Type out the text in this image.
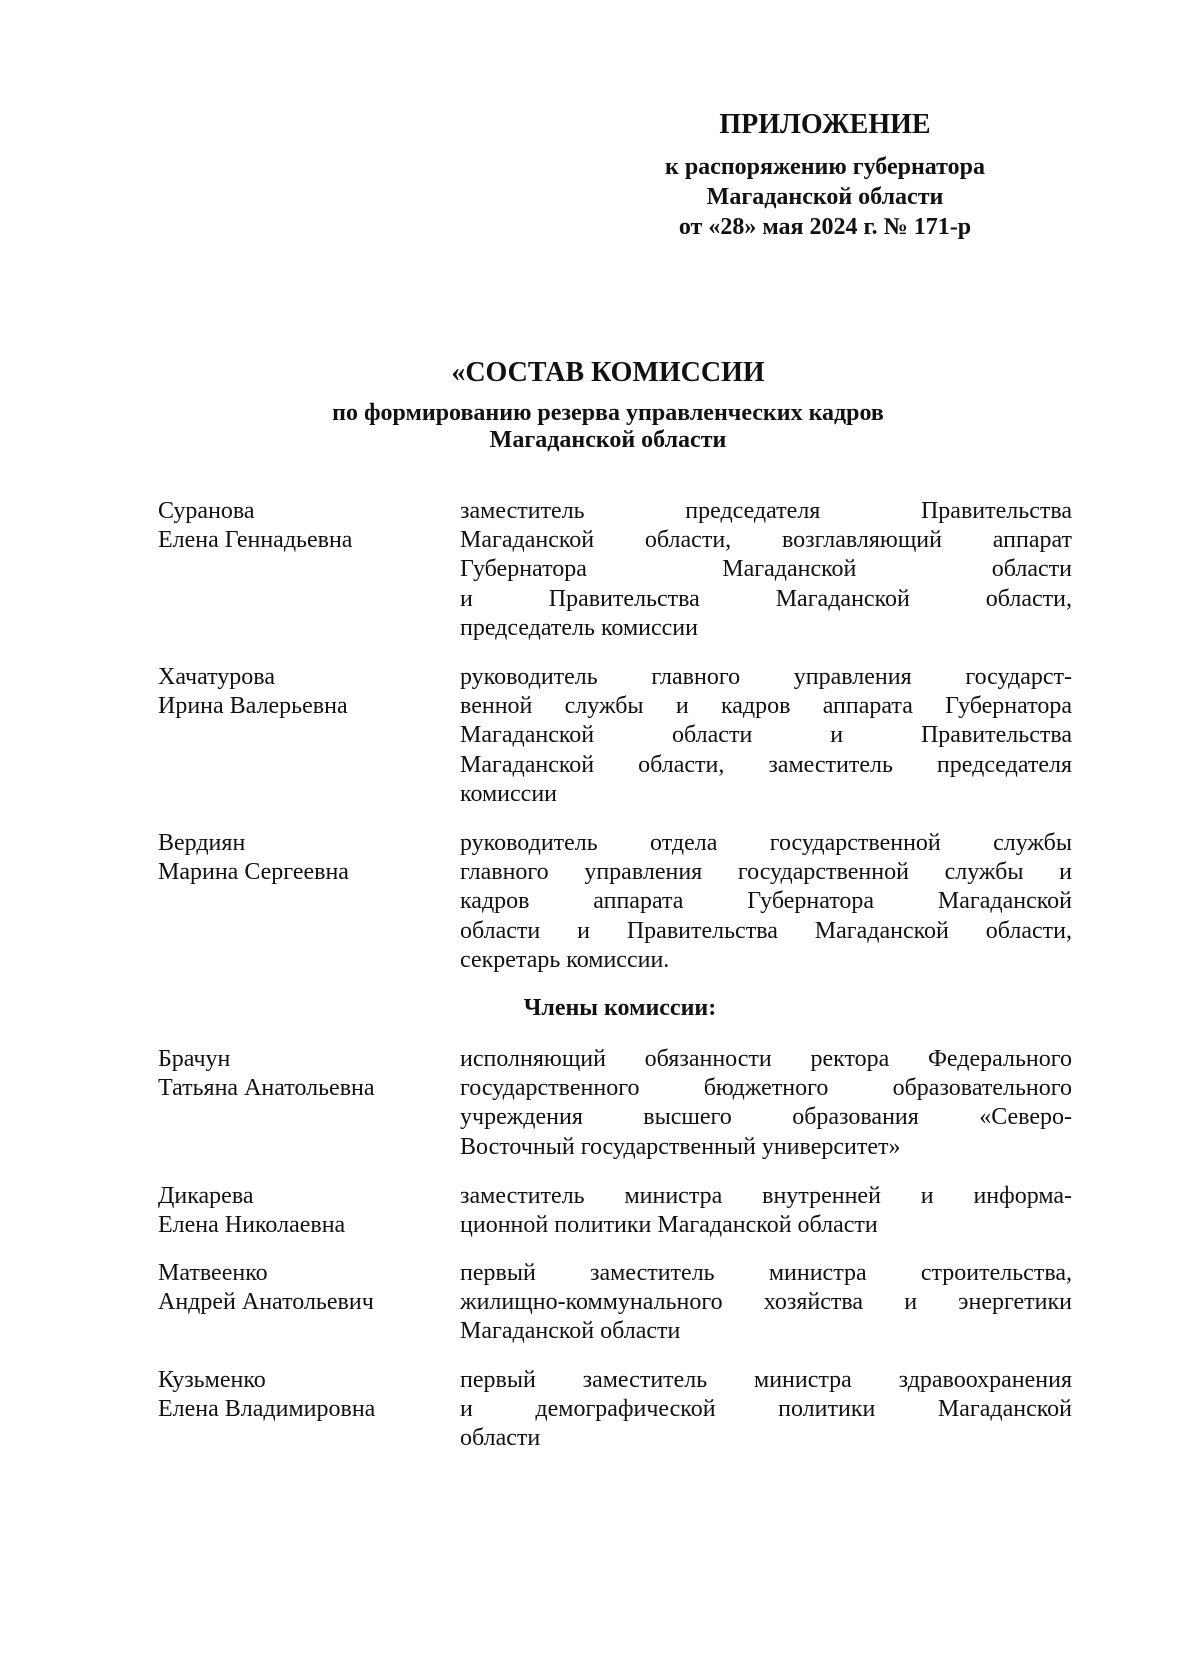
ПРИЛОЖЕНИЕ
к распоряжению губернатора
Магаданской области
от «28» мая 2024 г. № 171-р
«СОСТАВ КОМИССИИ
по формированию резерва управленческих кадров
Магаданской области
Суранова
Елена Геннадьевна
заместитель председателя Правительства
Магаданской области, возглавляющий аппарат
Губернатора Магаданской области
и Правительства Магаданской области,
председатель комиссии
Хачатурова
Ирина Валерьевна
руководитель главного управления государст-
венной службы и кадров аппарата Губернатора
Магаданской области и Правительства
Магаданской области, заместитель председателя
комиссии
Вердиян
Марина Сергеевна
руководитель отдела государственной службы
главного управления государственной службы и
кадров аппарата Губернатора Магаданской
области и Правительства Магаданской области,
секретарь комиссии.
Члены комиссии:
Брачун
Татьяна Анатольевна
исполняющий обязанности ректора Федерального
государственного бюджетного образовательного
учреждения высшего образования «Северо-
Восточный государственный университет»
Дикарева
Елена Николаевна
заместитель министра внутренней и информа-
ционной политики Магаданской области
Матвеенко
Андрей Анатольевич
первый заместитель министра строительства,
жилищно-коммунального хозяйства и энергетики
Магаданской области
Кузьменко
Елена Владимировна
первый заместитель министра здравоохранения
и демографической политики Магаданской
области
